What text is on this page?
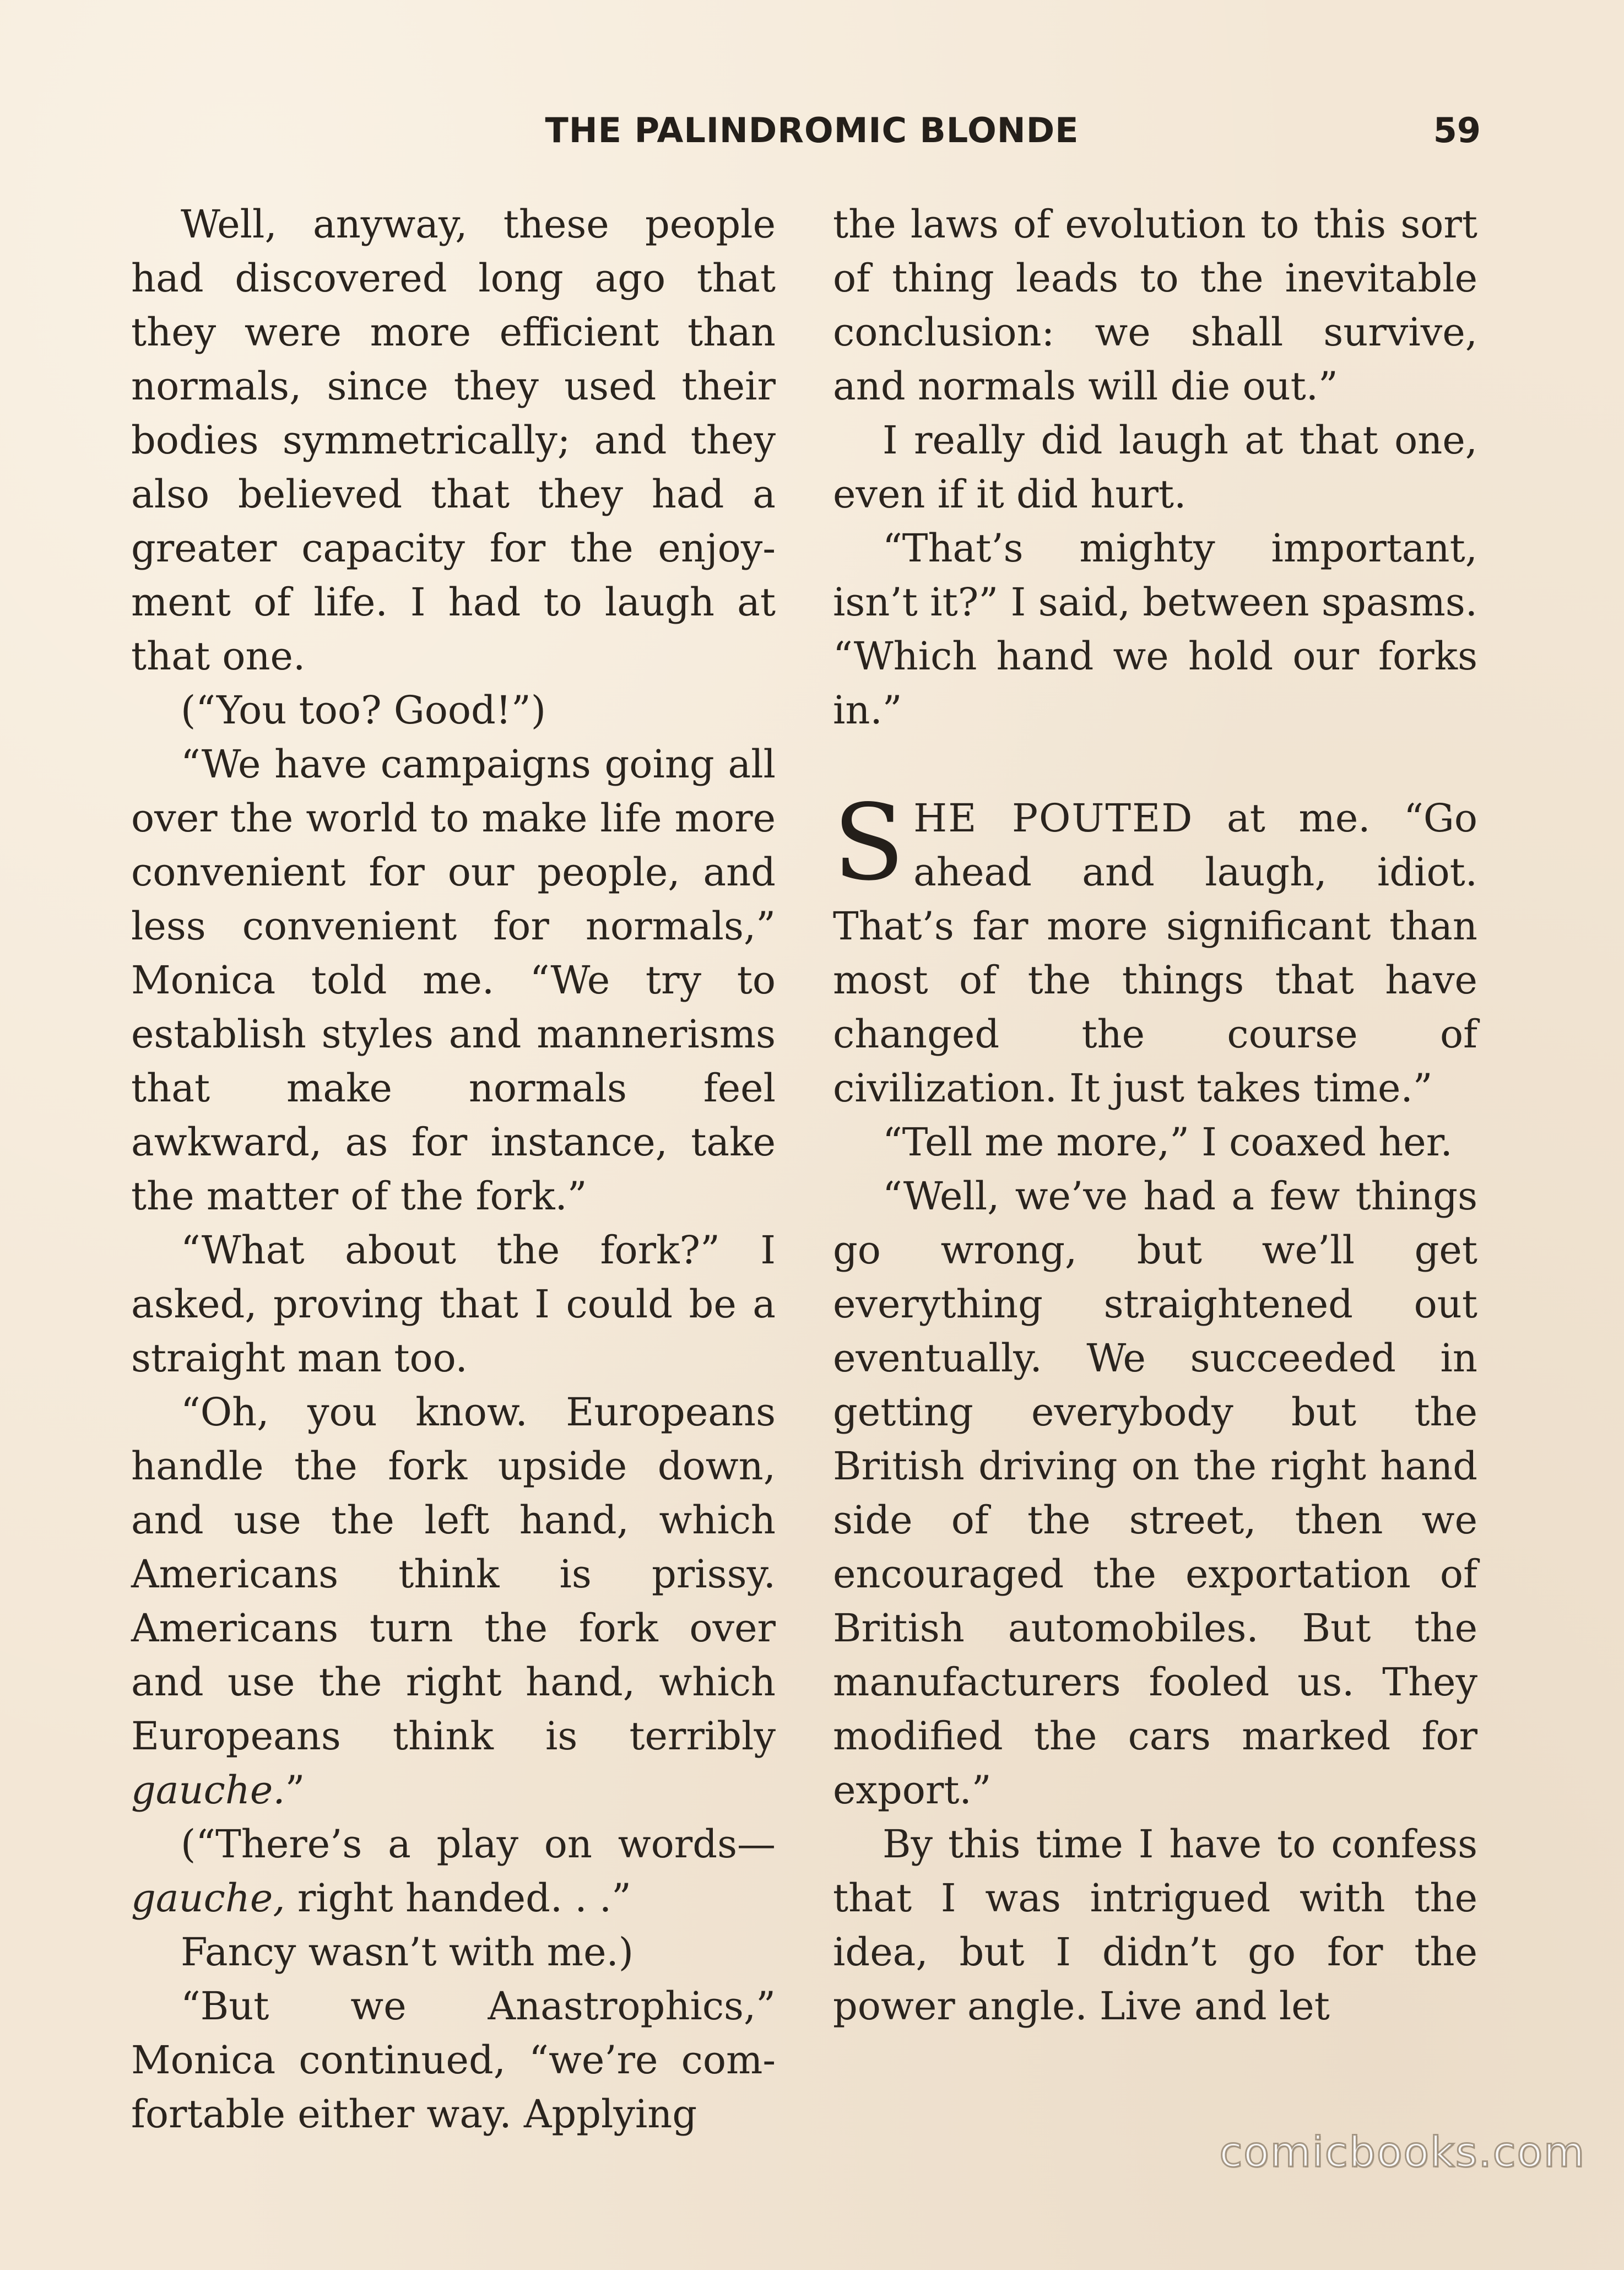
THE PALINDROMIC BLONDE	59

Well, anyway, these people had discovered long ago that they were more efficient than normals, since they used their bodies symmetrically; and they also believed that they had a greater capacity for the enjoyment of life. I had to laugh at that one.

(“You too? Good!”)

“We have campaigns going all over the world to make life more convenient for our people, and less convenient for normals,” Monica told me. “We try to establish styles and mannerisms that make normals feel awkward, as for instance, take the matter of the fork.”

“What about the fork?” I asked, proving that I could be a straight man too.

“Oh, you know. Europeans handle the fork upside down, and use the left hand, which Americans think is prissy. Americans turn the fork over and use the right hand, which Europeans think is terribly gauche.”

(“There’s a play on words—gauche, right handed. . .”

Fancy wasn’t with me.)

“But we Anastrophics,” Monica continued, “we’re comfortable either way. Applying

the laws of evolution to this sort of thing leads to the inevitable conclusion: we shall survive, and normals will die out.”

I really did laugh at that one, even if it did hurt.

“That’s mighty important, isn’t it?” I said, between spasms. “Which hand we hold our forks in.”

SHE POUTED at me. “Go ahead and laugh, idiot. That’s far more significant than most of the things that have changed the course of civilization. It just takes time.”

“Tell me more,” I coaxed her.

“Well, we’ve had a few things go wrong, but we’ll get everything straightened out eventually. We succeeded in getting everybody but the British driving on the right hand side of the street, then we encouraged the exportation of British automobiles. But the manufacturers fooled us. They modified the cars marked for export.”

By this time I have to confess that I was intrigued with the idea, but I didn’t go for the power angle. Live and let

comicbooks.com
